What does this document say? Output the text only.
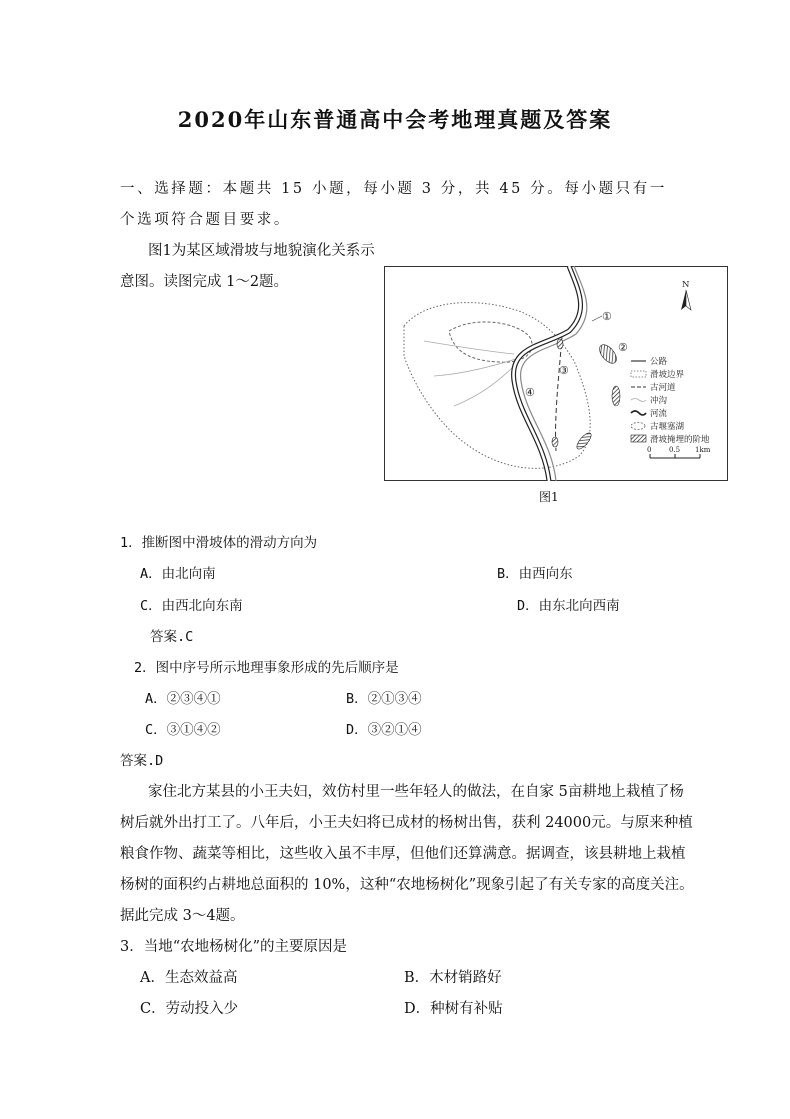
2020年山东普通高中会考地理真题及答案
一、选择题：本题共 15 小题，每小题 3 分，共 45 分。每小题只有一
个选项符合题目要求。
图1为某区域滑坡与地貌演化关系示
意图。读图完成 1～2题。
①
②
③
④
N
公路
滑坡边界
古河道
冲沟
河流
古堰塞湖
滑坡掩埋的阶地
0	0.5 1km
图1
1．推断图中滑坡体的滑动方向为
A．由北向南	B．由西向东
C．由西北向东南	D．由东北向西南
答案.C
2．图中序号所示地理事象形成的先后顺序是
A．②③④①	B．②①③④
C．③①④②	D．③②①④
答案.D
家住北方某县的小王夫妇，效仿村里一些年轻人的做法，在自家 5亩耕地上栽植了杨
树后就外出打工了。八年后，小王夫妇将已成材的杨树出售，获利 24000元。与原来种植
粮食作物、蔬菜等相比，这些收入虽不丰厚，但他们还算满意。据调查，该县耕地上栽植
杨树的面积约占耕地总面积的 10%，这种“农地杨树化”现象引起了有关专家的高度关注。
据此完成 3～4题。
3．当地“农地杨树化”的主要原因是
A．生态效益高	B．木材销路好
C．劳动投入少	D．种树有补贴
